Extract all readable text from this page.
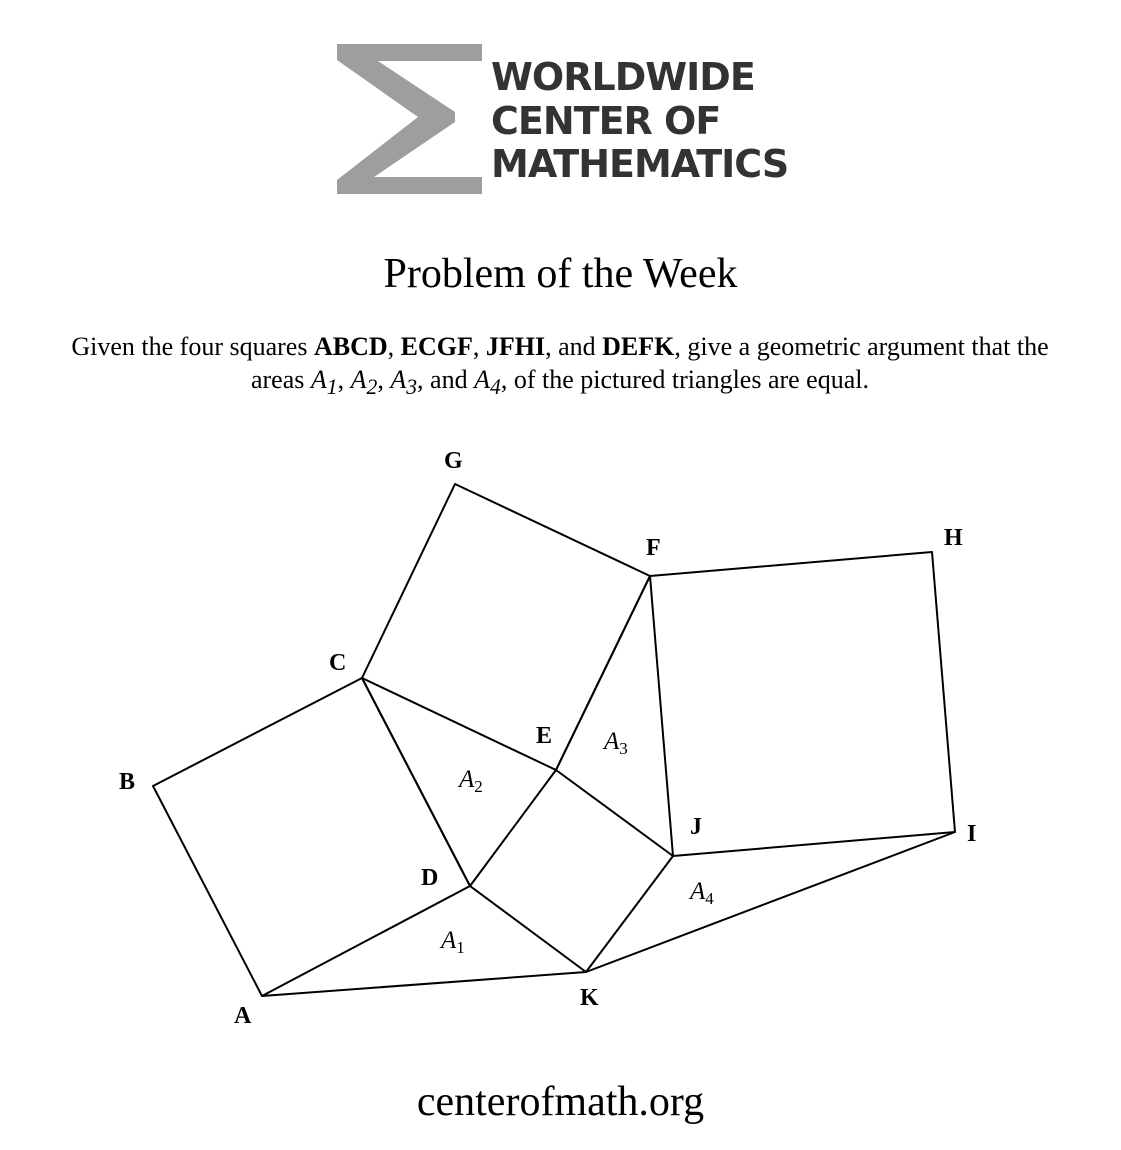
WORLDWIDE
CENTER OF
MATHEMATICS
Problem of the Week
Given the four squares ABCD, ECGF, JFHI, and DEFK, give a geometric argument that the areas $A_1$, $A_2$, $A_3$, and $A_4$, of the pictured triangles are equal.
G
F	H
C
E
B
J	I
D
K
A
$A_2$
$A_3$
$A_4$
$A_1$
centerofmath.org
